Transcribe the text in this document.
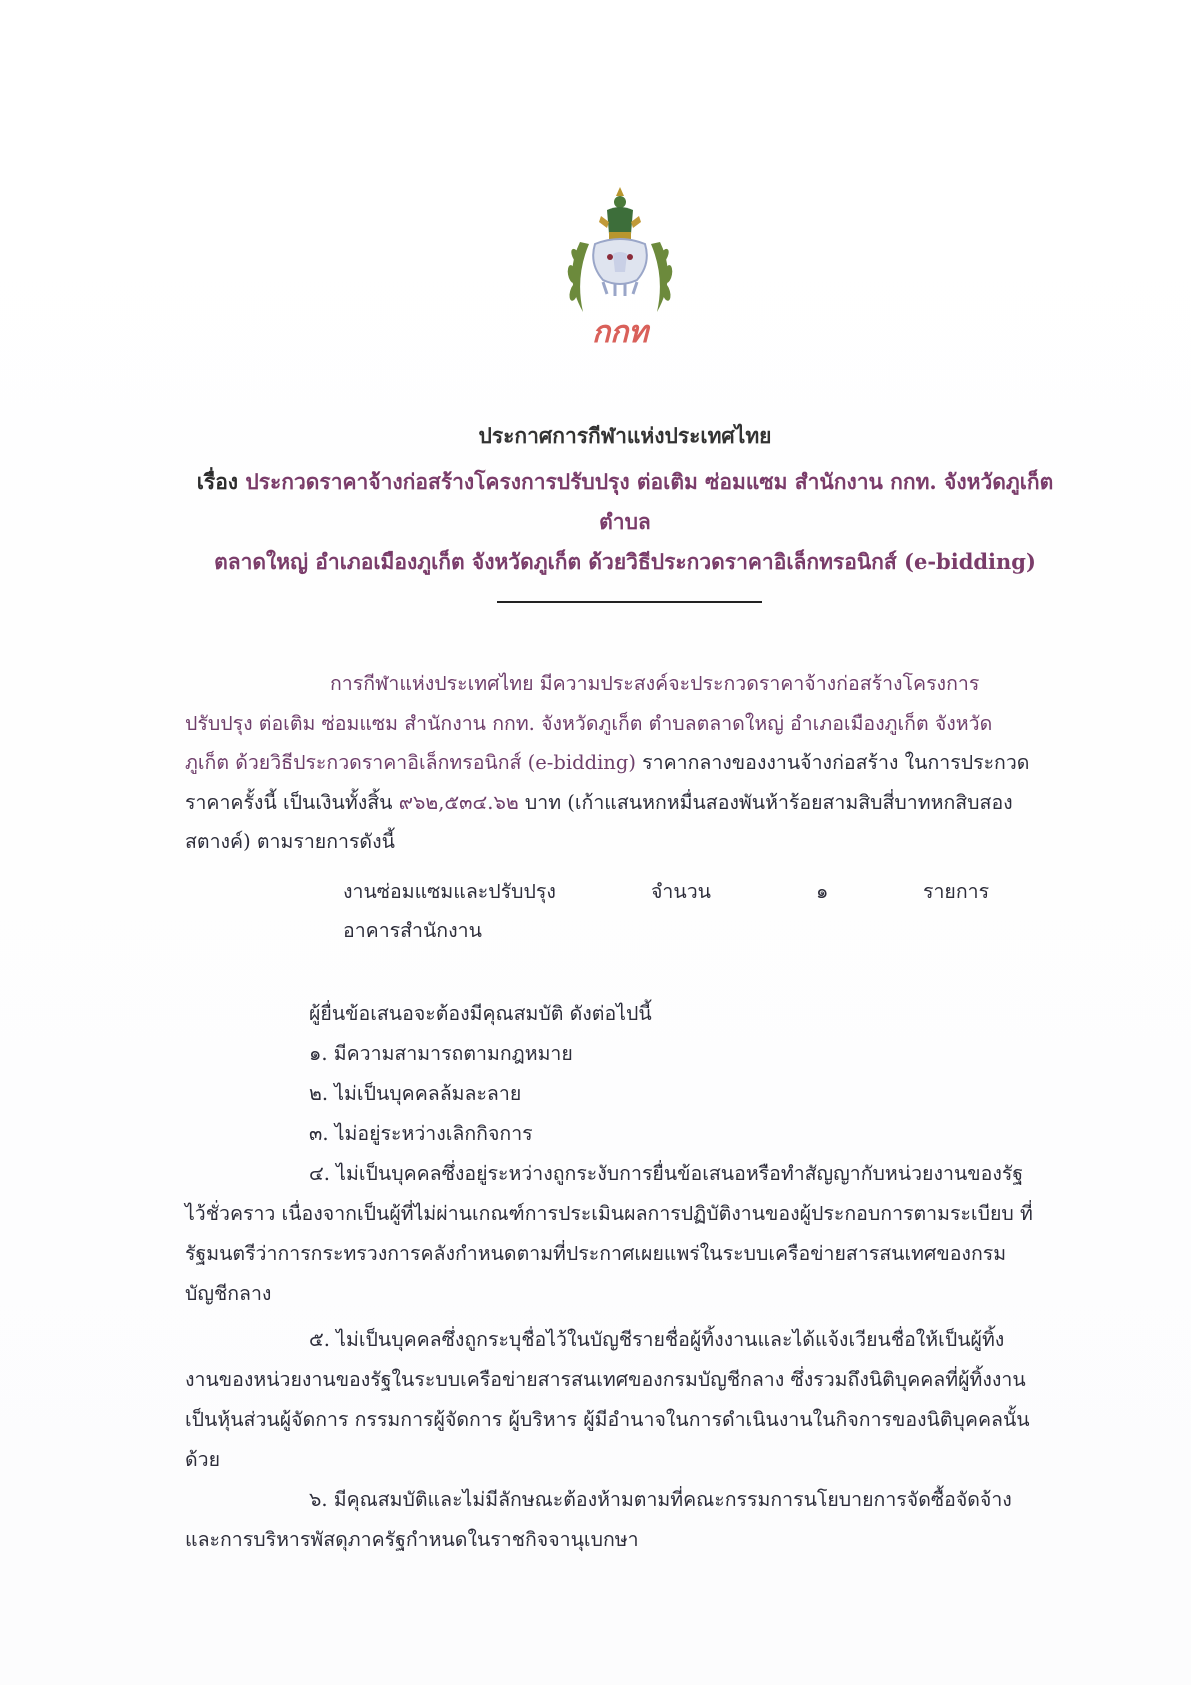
กกท
ประกาศการกีฬาแห่งประเทศไทย
เรื่อง ประกวดราคาจ้างก่อสร้างโครงการปรับปรุง ต่อเติม ซ่อมแซม สำนักงาน กกท. จังหวัดภูเก็ต ตำบล
ตลาดใหญ่ อำเภอเมืองภูเก็ต จังหวัดภูเก็ต ด้วยวิธีประกวดราคาอิเล็กทรอนิกส์ (e-bidding)
การกีฬาแห่งประเทศไทย มีความประสงค์จะประกวดราคาจ้างก่อสร้างโครงการปรับปรุง ต่อเติม ซ่อมแซม สำนักงาน กกท. จังหวัดภูเก็ต ตำบลตลาดใหญ่ อำเภอเมืองภูเก็ต จังหวัดภูเก็ต ด้วยวิธีประกวดราคาอิเล็กทรอนิกส์ (e-bidding) ราคากลางของงานจ้างก่อสร้าง ในการประกวดราคาครั้งนี้ เป็นเงินทั้งสิ้น ๙๖๒,๕๓๔.๖๒ บาท (เก้าแสนหกหมื่นสองพันห้าร้อยสามสิบสี่บาทหกสิบสองสตางค์) ตามรายการดังนี้
งานซ่อมแซมและปรับปรุง	จำนวน	๑	รายการ
อาคารสำนักงาน
ผู้ยื่นข้อเสนอจะต้องมีคุณสมบัติ ดังต่อไปนี้
๑. มีความสามารถตามกฎหมาย
๒. ไม่เป็นบุคคลล้มละลาย
๓. ไม่อยู่ระหว่างเลิกกิจการ
๔. ไม่เป็นบุคคลซึ่งอยู่ระหว่างถูกระงับการยื่นข้อเสนอหรือทำสัญญากับหน่วยงานของรัฐไว้ชั่วคราว เนื่องจากเป็นผู้ที่ไม่ผ่านเกณฑ์การประเมินผลการปฏิบัติงานของผู้ประกอบการตามระเบียบ ที่รัฐมนตรีว่าการกระทรวงการคลังกำหนดตามที่ประกาศเผยแพร่ในระบบเครือข่ายสารสนเทศของกรมบัญชีกลาง
๕. ไม่เป็นบุคคลซึ่งถูกระบุชื่อไว้ในบัญชีรายชื่อผู้ทิ้งงานและได้แจ้งเวียนชื่อให้เป็นผู้ทิ้งงานของหน่วยงานของรัฐในระบบเครือข่ายสารสนเทศของกรมบัญชีกลาง ซึ่งรวมถึงนิติบุคคลที่ผู้ทิ้งงานเป็นหุ้นส่วนผู้จัดการ กรรมการผู้จัดการ ผู้บริหาร ผู้มีอำนาจในการดำเนินงานในกิจการของนิติบุคคลนั้นด้วย
๖. มีคุณสมบัติและไม่มีลักษณะต้องห้ามตามที่คณะกรรมการนโยบายการจัดซื้อจัดจ้างและการบริหารพัสดุภาครัฐกำหนดในราชกิจจานุเบกษา
